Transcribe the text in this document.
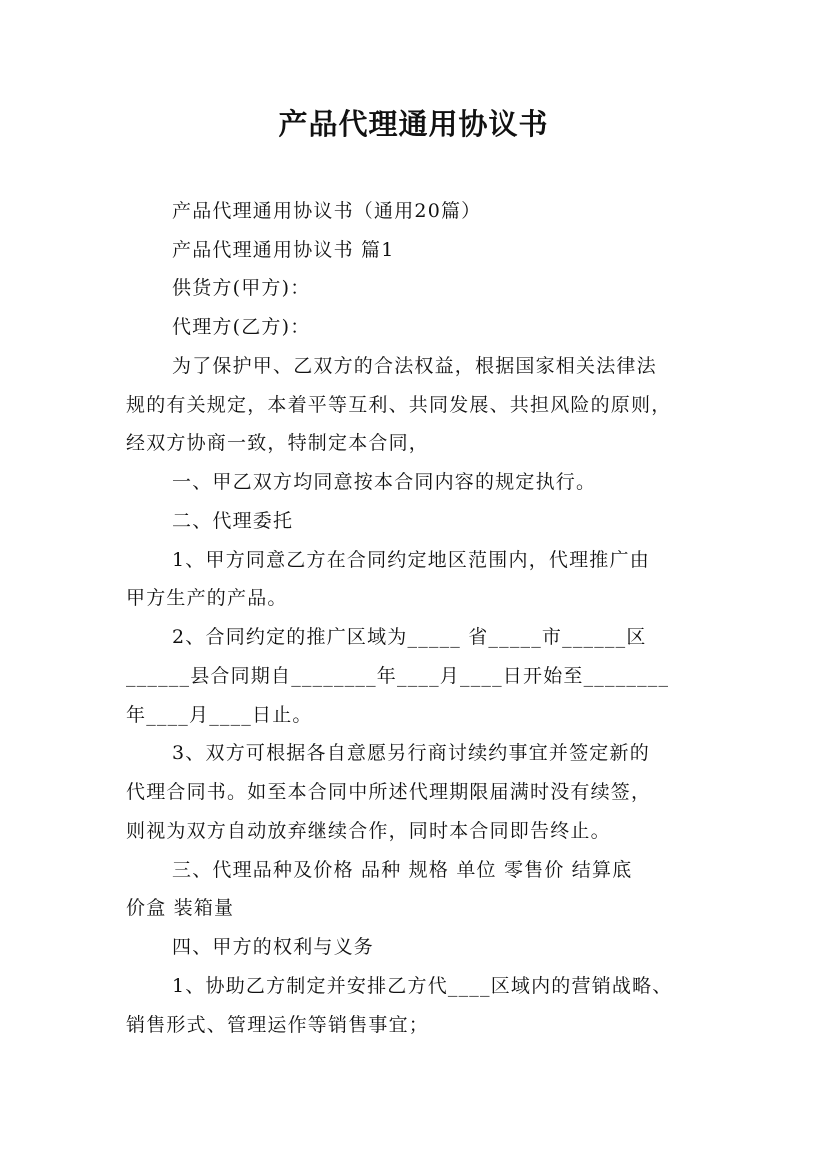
产品代理通用协议书
产品代理通用协议书（通用20篇）
产品代理通用协议书 篇1
供货方(甲方)：
代理方(乙方)：
为了保护甲、乙双方的合法权益，根据国家相关法律法
规的有关规定，本着平等互利、共同发展、共担风险的原则，
经双方协商一致，特制定本合同，
一、甲乙双方均同意按本合同内容的规定执行。
二、代理委托
1、甲方同意乙方在合同约定地区范围内，代理推广由
甲方生产的产品。
2、合同约定的推广区域为_____ 省_____市______区
______县合同期自________年____月____日开始至________
年____月____日止。
3、双方可根据各自意愿另行商讨续约事宜并签定新的
代理合同书。如至本合同中所述代理期限届满时没有续签，
则视为双方自动放弃继续合作，同时本合同即告终止。
三、代理品种及价格 品种 规格 单位 零售价 结算底
价盒 装箱量
四、甲方的权利与义务
1、协助乙方制定并安排乙方代____区域内的营销战略、
销售形式、管理运作等销售事宜；
